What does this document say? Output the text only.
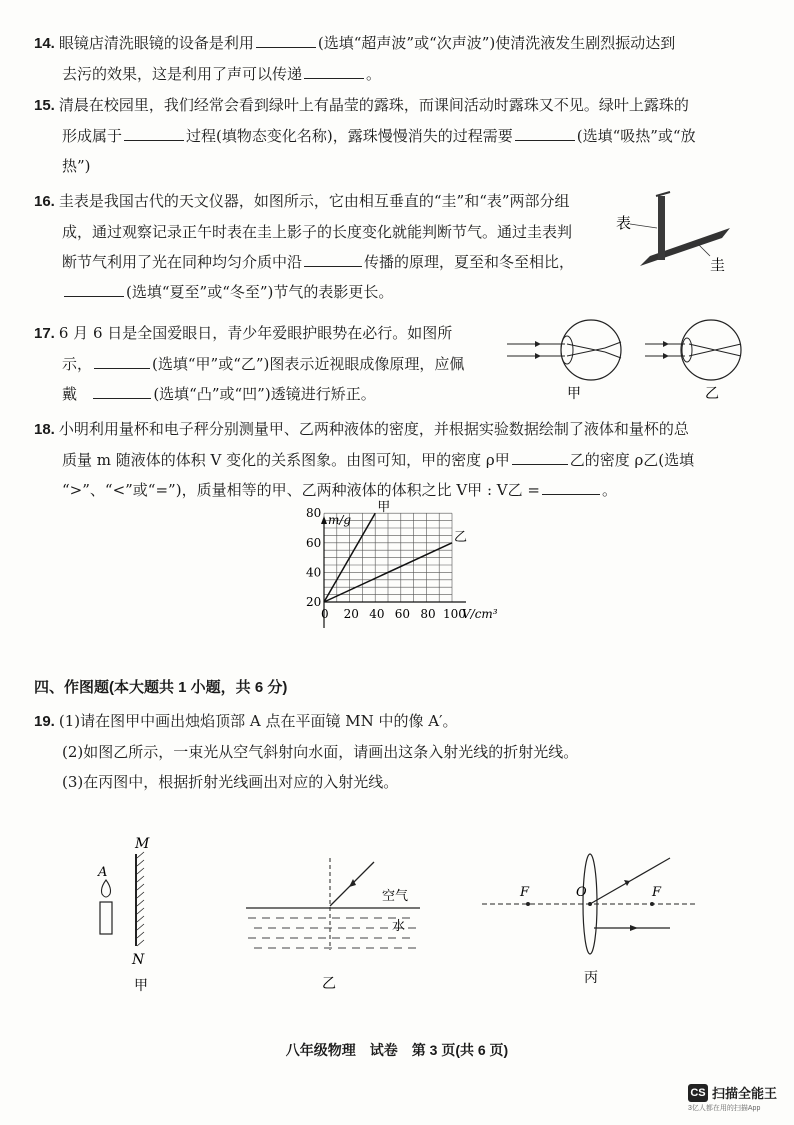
14. 眼镜店清洗眼镜的设备是利用	(选填“超声波”或“次声波”)使清洗液发生剧烈振动达到
去污的效果，这是利用了声可以传递	。
15. 清晨在校园里，我们经常会看到绿叶上有晶莹的露珠，而课间活动时露珠又不见。绿叶上露珠的
形成属于	过程(填物态变化名称)，露珠慢慢消失的过程需要	(选填“吸热”或“放
热”)
16. 圭表是我国古代的天文仪器，如图所示，它由相互垂直的“圭”和“表”两部分组
成，通过观察记录正午时表在圭上影子的长度变化就能判断节气。通过圭表判
断节气利用了光在同种均匀介质中沿	传播的原理，夏至和冬至相比，
(选填“夏至”或“冬至”)节气的表影更长。
表
圭
17. 6 月 6 日是全国爱眼日，青少年爱眼护眼势在必行。如图所
示，	(选填“甲”或“乙”)图表示近视眼成像原理，应佩
戴	(选填“凸”或“凹”)透镜进行矫正。	甲	乙
18. 小明利用量杯和电子秤分别测量甲、乙两种液体的密度，并根据实验数据绘制了液体和量杯的总
质量 m 随液体的体积 V 变化的关系图象。由图可知，甲的密度 ρ甲	乙的密度 ρ乙(选填
“>”、“<”或“=”)，质量相等的甲、乙两种液体的体积之比 V甲 : V乙 =	。
甲
乙
0 20 40 60 80 100
20
40
60
80 m/g
V/cm³
四、作图题(本大题共 1 小题，共 6 分)
19. (1)请在图甲中画出烛焰顶部 A 点在平面镜 MN 中的像 A′。
(2)如图乙所示，一束光从空气斜射向水面，请画出这条入射光线的折射光线。
(3)在丙图中，根据折射光线画出对应的入射光线。
M
N
A
甲
空气
水
乙
F	O	F
丙
八年级物理　试卷　第 3 页(共 6 页)
CS 扫描全能王
3亿人都在用的扫描App
